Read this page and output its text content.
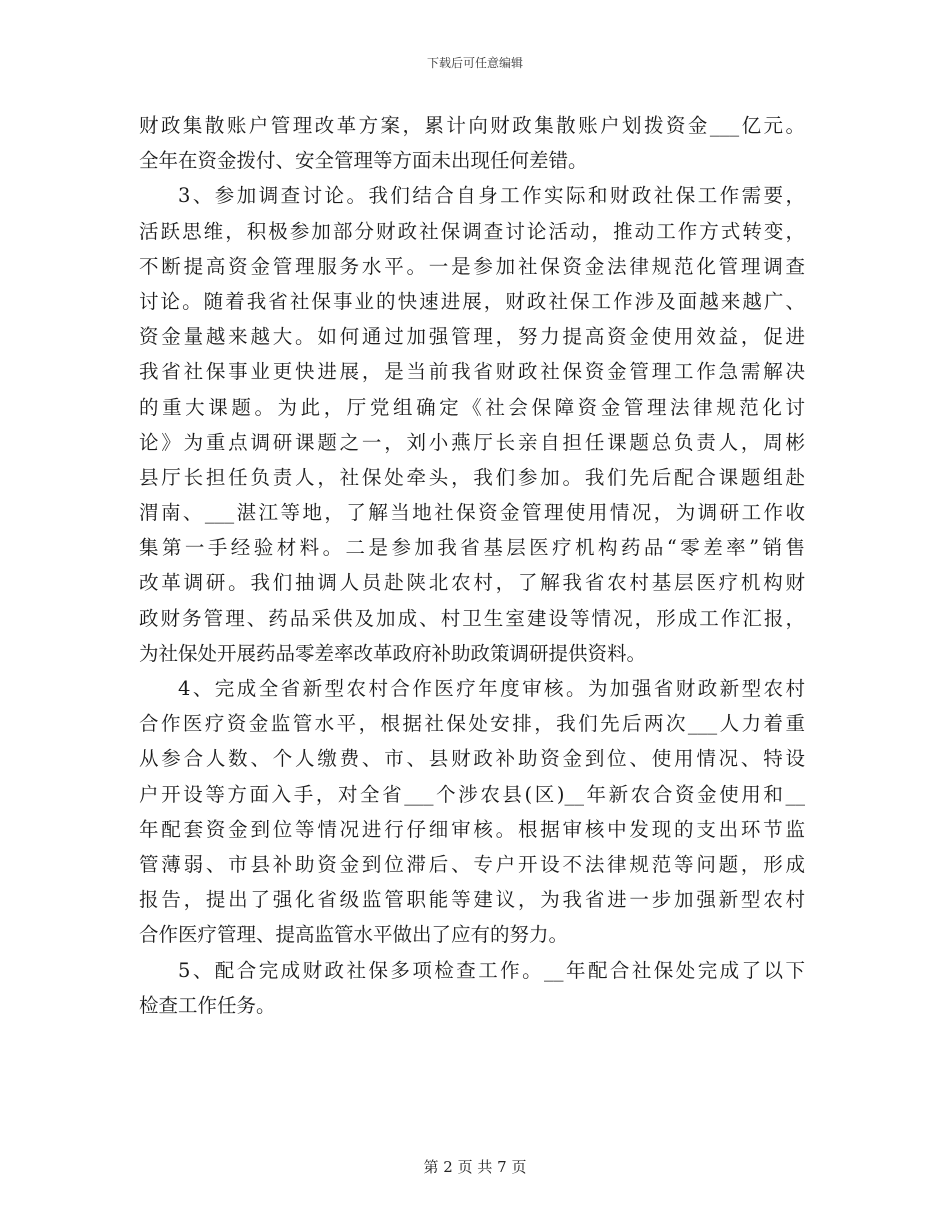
下载后可任意编辑
财政集散账户管理改革方案，累计向财政集散账户划拨资金___亿元。
全年在资金拨付、安全管理等方面未出现任何差错。
3、参加调查讨论。我们结合自身工作实际和财政社保工作需要，
活跃思维，积极参加部分财政社保调查讨论活动，推动工作方式转变，
不断提高资金管理服务水平。一是参加社保资金法律规范化管理调查
讨论。随着我省社保事业的快速进展，财政社保工作涉及面越来越广、
资金量越来越大。如何通过加强管理，努力提高资金使用效益，促进
我省社保事业更快进展，是当前我省财政社保资金管理工作急需解决
的重大课题。为此，厅党组确定《社会保障资金管理法律规范化讨
论》为重点调研课题之一，刘小燕厅长亲自担任课题总负责人，周彬
县厅长担任负责人，社保处牵头，我们参加。我们先后配合课题组赴
渭南、___湛江等地，了解当地社保资金管理使用情况，为调研工作收
集第一手经验材料。二是参加我省基层医疗机构药品“零差率”销售
改革调研。我们抽调人员赴陕北农村，了解我省农村基层医疗机构财
政财务管理、药品采供及加成、村卫生室建设等情况，形成工作汇报，
为社保处开展药品零差率改革政府补助政策调研提供资料。
4、完成全省新型农村合作医疗年度审核。为加强省财政新型农村
合作医疗资金监管水平，根据社保处安排，我们先后两次___人力着重
从参合人数、个人缴费、市、县财政补助资金到位、使用情况、特设
户开设等方面入手，对全省___个涉农县(区)__年新农合资金使用和__
年配套资金到位等情况进行仔细审核。根据审核中发现的支出环节监
管薄弱、市县补助资金到位滞后、专户开设不法律规范等问题，形成
报告，提出了强化省级监管职能等建议，为我省进一步加强新型农村
合作医疗管理、提高监管水平做出了应有的努力。
5、配合完成财政社保多项检查工作。__年配合社保处完成了以下
检查工作任务。
第 2 页 共 7 页
